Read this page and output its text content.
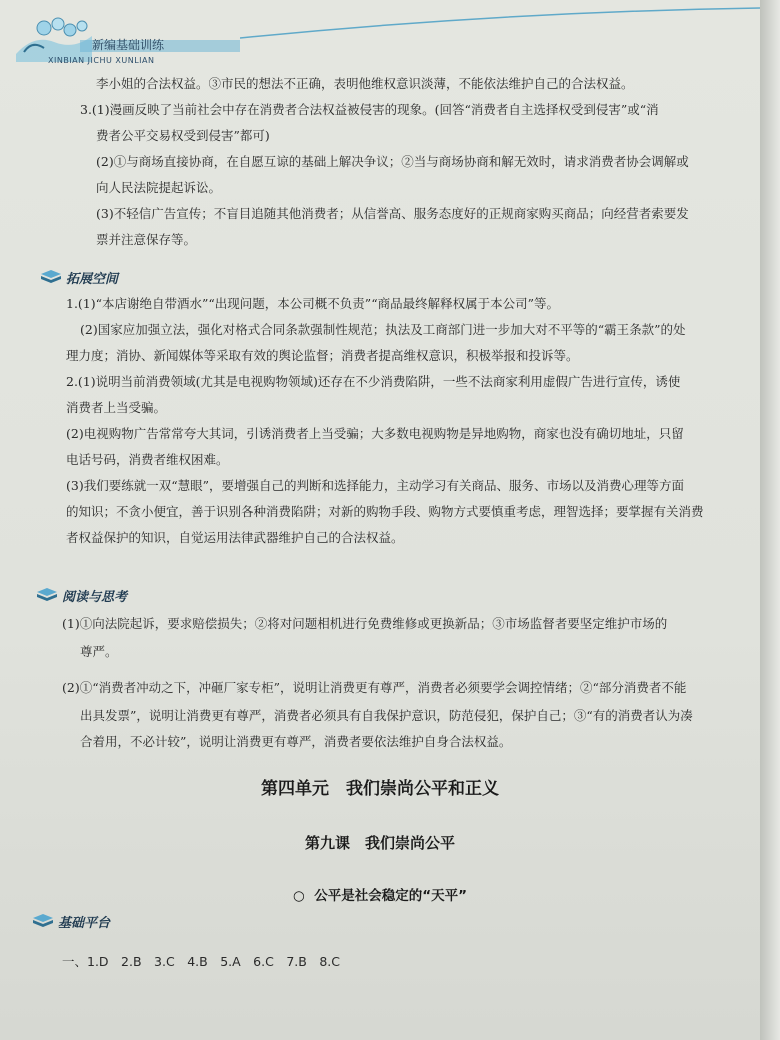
新编基础训练
XINBIAN JICHU XUNLIAN
李小姐的合法权益。③市民的想法不正确，表明他维权意识淡薄，不能依法维护自己的合法权益。
3.(1)漫画反映了当前社会中存在消费者合法权益被侵害的现象。(回答“消费者自主选择权受到侵害”或“消
费者公平交易权受到侵害”都可)
(2)①与商场直接协商，在自愿互谅的基础上解决争议；②当与商场协商和解无效时，请求消费者协会调解或
向人民法院提起诉讼。
(3)不轻信广告宣传；不盲目追随其他消费者；从信誉高、服务态度好的正规商家购买商品；向经营者索要发
票并注意保存等。
拓展空间
1.(1)“本店谢绝自带酒水”“出现问题，本公司概不负责”“商品最终解释权属于本公司”等。
(2)国家应加强立法，强化对格式合同条款强制性规范；执法及工商部门进一步加大对不平等的“霸王条款”的处
理力度；消协、新闻媒体等采取有效的舆论监督；消费者提高维权意识，积极举报和投诉等。
2.(1)说明当前消费领域(尤其是电视购物领域)还存在不少消费陷阱，一些不法商家利用虚假广告进行宣传，诱使
消费者上当受骗。
(2)电视购物广告常常夸大其词，引诱消费者上当受骗；大多数电视购物是异地购物，商家也没有确切地址，只留
电话号码，消费者维权困难。
(3)我们要练就一双“慧眼”，要增强自己的判断和选择能力，主动学习有关商品、服务、市场以及消费心理等方面
的知识；不贪小便宜，善于识别各种消费陷阱；对新的购物手段、购物方式要慎重考虑，理智选择；要掌握有关消费
者权益保护的知识，自觉运用法律武器维护自己的合法权益。
阅读与思考
(1)①向法院起诉，要求赔偿损失；②将对问题相机进行免费维修或更换新品；③市场监督者要坚定维护市场的
尊严。
(2)①“消费者冲动之下，冲砸厂家专柜”，说明让消费更有尊严，消费者必须要学会调控情绪；②“部分消费者不能
出具发票”，说明让消费更有尊严，消费者必须具有自我保护意识，防范侵犯，保护自己；③“有的消费者认为凑
合着用，不必计较”，说明让消费更有尊严，消费者要依法维护自身合法权益。
第四单元　我们崇尚公平和正义
第九课　我们崇尚公平
○ 公平是社会稳定的“天平”
基础平台
一、1.D　2.B　3.C　4.B　5.A　6.C　7.B　8.C
